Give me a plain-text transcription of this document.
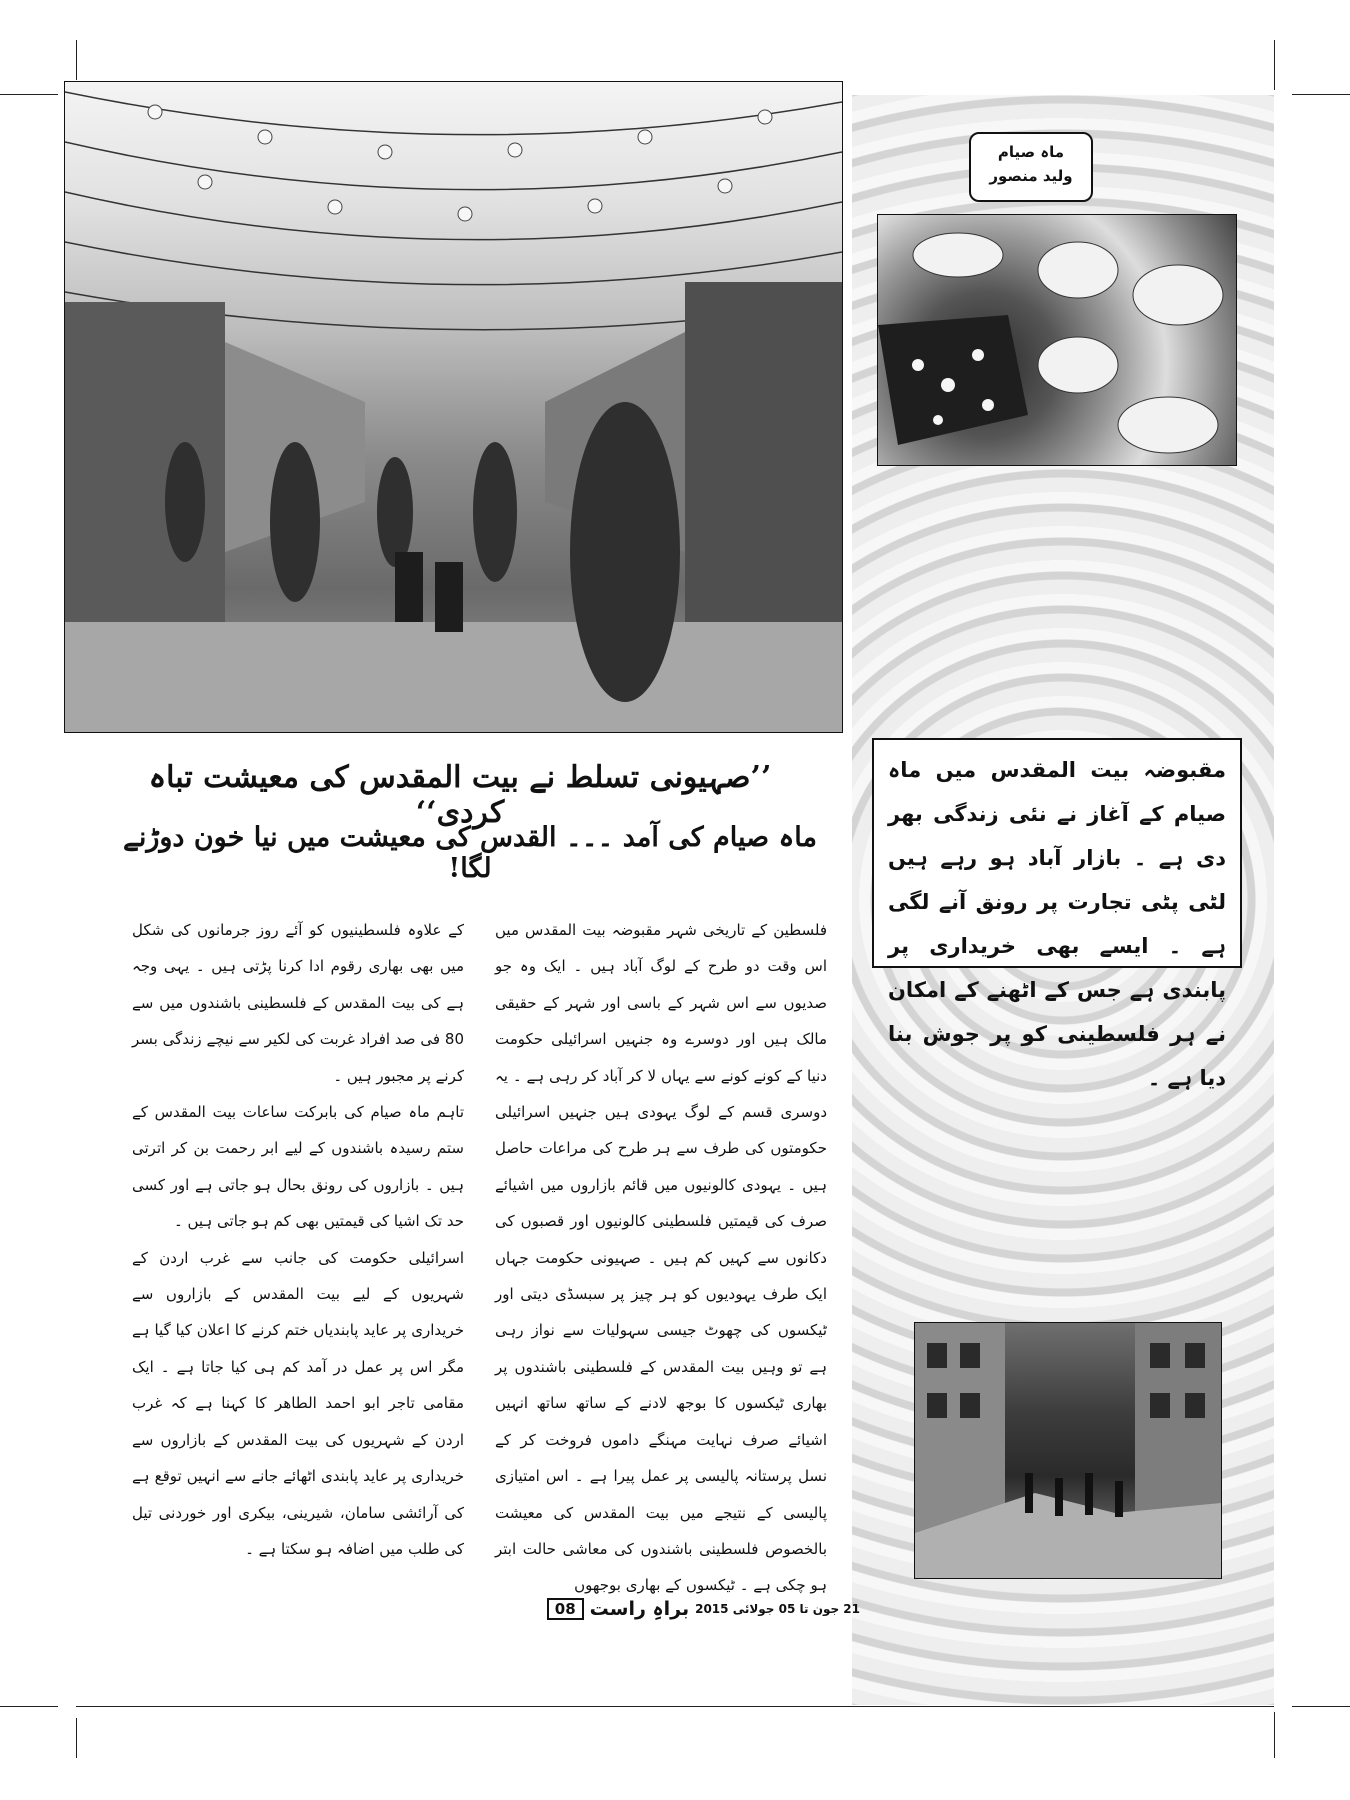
ماہ صیام
ولید منصور

مقبوضہ بیت المقدس میں ماہ صیام کے آغاز نے نئی زندگی بھر دی ہے ۔ بازار آباد ہو رہے ہیں لٹی پٹی تجارت پر رونق آنے لگی ہے ۔ ایسے بھی خریداری پر پابندی ہے جس کے اٹھنے کے امکان نے ہر فلسطینی کو پر جوش بنا دیا ہے ۔

’’صہیونی تسلط نے بیت المقدس کی معیشت تباہ کردی‘‘
ماہ صیام کی آمد ۔۔۔ القدس کی معیشت میں نیا خون دوڑنے لگا!

فلسطین کے تاریخی شہر مقبوضہ بیت المقدس میں اس وقت دو طرح کے لوگ آباد ہیں ۔ ایک وہ جو صدیوں سے اس شہر کے باسی اور شہر کے حقیقی مالک ہیں اور دوسرے وہ جنہیں اسرائیلی حکومت دنیا کے کونے کونے سے یہاں لا کر آباد کر رہی ہے ۔ یہ دوسری قسم کے لوگ یہودی ہیں جنہیں اسرائیلی حکومتوں کی طرف سے ہر طرح کی مراعات حاصل ہیں ۔ یہودی کالونیوں میں قائم بازاروں میں اشیائے صرف کی قیمتیں فلسطینی کالونیوں اور قصبوں کی دکانوں سے کہیں کم ہیں ۔ صہیونی حکومت جہاں ایک طرف یہودیوں کو ہر چیز پر سبسڈی دیتی اور ٹیکسوں کی چھوٹ جیسی سہولیات سے نواز رہی ہے تو وہیں بیت المقدس کے فلسطینی باشندوں پر بھاری ٹیکسوں کا بوجھ لادنے کے ساتھ ساتھ انہیں اشیائے صرف نہایت مہنگے داموں فروخت کر کے نسل پرستانہ پالیسی پر عمل پیرا ہے ۔ اس امتیازی پالیسی کے نتیجے میں بیت المقدس کی معیشت بالخصوص فلسطینی باشندوں کی معاشی حالت ابتر ہو چکی ہے ۔ ٹیکسوں کے بھاری بوجھوں

کے علاوہ فلسطینیوں کو آئے روز جرمانوں کی شکل میں بھی بھاری رقوم ادا کرنا پڑتی ہیں ۔ یہی وجہ ہے کی بیت المقدس کے فلسطینی باشندوں میں سے 80 فی صد افراد غربت کی لکیر سے نیچے زندگی بسر کرنے پر مجبور ہیں ۔

تاہم ماہ صیام کی بابرکت ساعات بیت المقدس کے ستم رسیدہ باشندوں کے لیے ابر رحمت بن کر اترتی ہیں ۔ بازاروں کی رونق بحال ہو جاتی ہے اور کسی حد تک اشیا کی قیمتیں بھی کم ہو جاتی ہیں ۔

اسرائیلی حکومت کی جانب سے غرب اردن کے شہریوں کے لیے بیت المقدس کے بازاروں سے خریداری پر عاید پابندیاں ختم کرنے کا اعلان کیا گیا ہے مگر اس پر عمل در آمد کم ہی کیا جاتا ہے ۔ ایک مقامی تاجر ابو احمد الطاھر کا کہنا ہے کہ غرب اردن کے شہریوں کی بیت المقدس کے بازاروں سے خریداری پر عاید پابندی اٹھائے جانے سے انہیں توقع ہے کی آرائشی سامان، شیرینی، بیکری اور خوردنی تیل کی طلب میں اضافہ ہو سکتا ہے ۔

21 جون تا 05 جولائی 2015
براہِ راست
08
